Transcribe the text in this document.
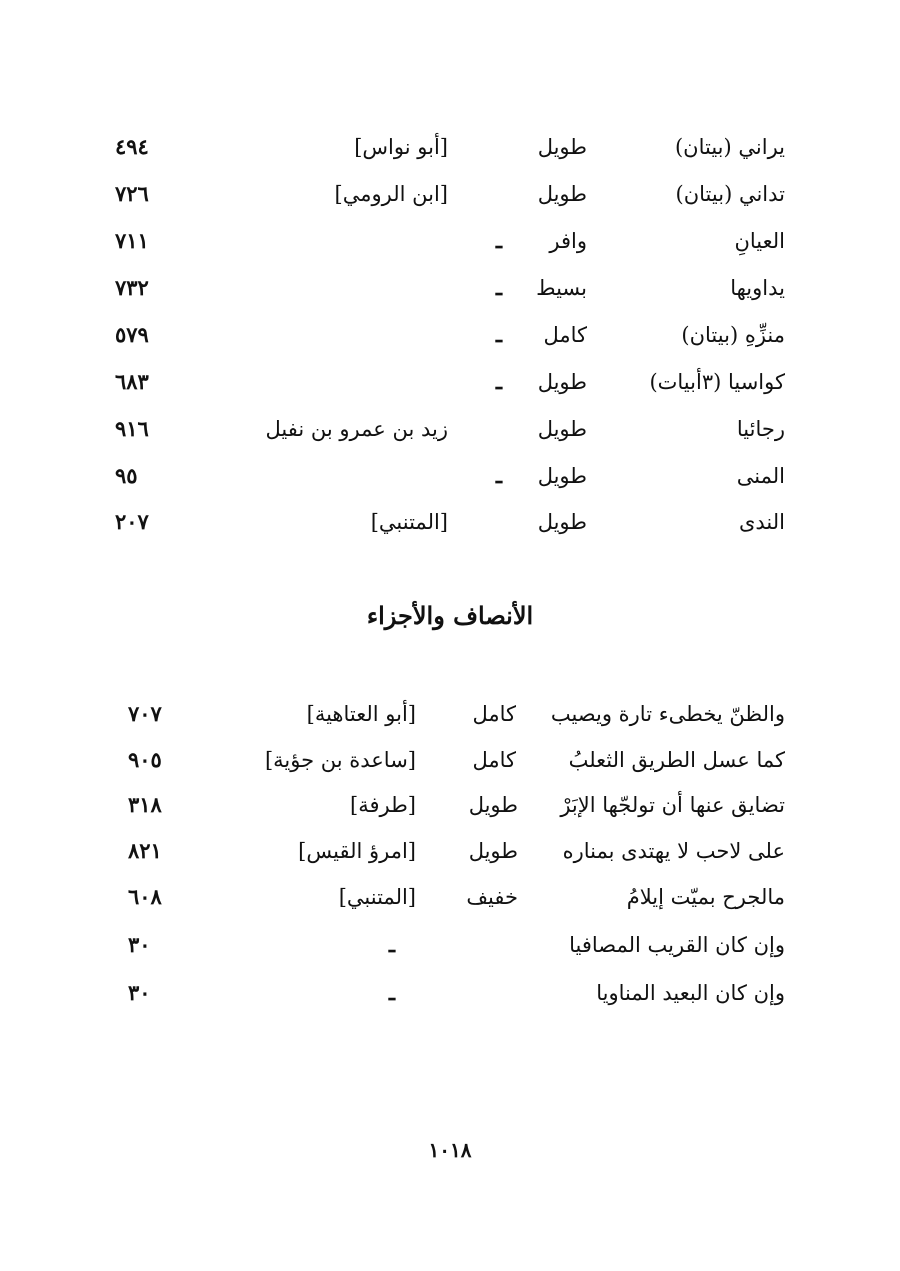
يراني (بيتان)
طويل
[أبو نواس]
٤٩٤
تداني (بيتان)
طويل
[ابن الرومي]
٧٢٦
العيانِ
وافر
ـ
٧١١
يداويها
بسيط
ـ
٧٣٢
منزِّهِ (بيتان)
كامل
ـ
٥٧٩
كواسيا (٣أبيات)
طويل
ـ
٦٨٣
رجائيا
طويل
زيد بن عمرو بن نفيل
٩١٦
المنى
طويل
ـ
٩٥
الندى
طويل
[المتنبي]
٢٠٧
الأنصاف والأجزاء
والظنّ يخطىء تارة ويصيب
كامل
[أبو العتاهية]
٧٠٧
كما عسل الطريق الثعلبُ
كامل
[ساعدة بن جؤية]
٩٠٥
تضايق عنها أن تولجّها الإبَرْ
طويل
[طرفة]
٣١٨
على لاحب لا يهتدى بمناره
طويل
[امرؤ القيس]
٨٢١
مالجرح بميّت إيلامُ
خفيف
[المتنبي]
٦٠٨
وإن كان القريب المصافيا
ـ
٣٠
وإن كان البعيد المناويا
ـ
٣٠
١٠١٨
